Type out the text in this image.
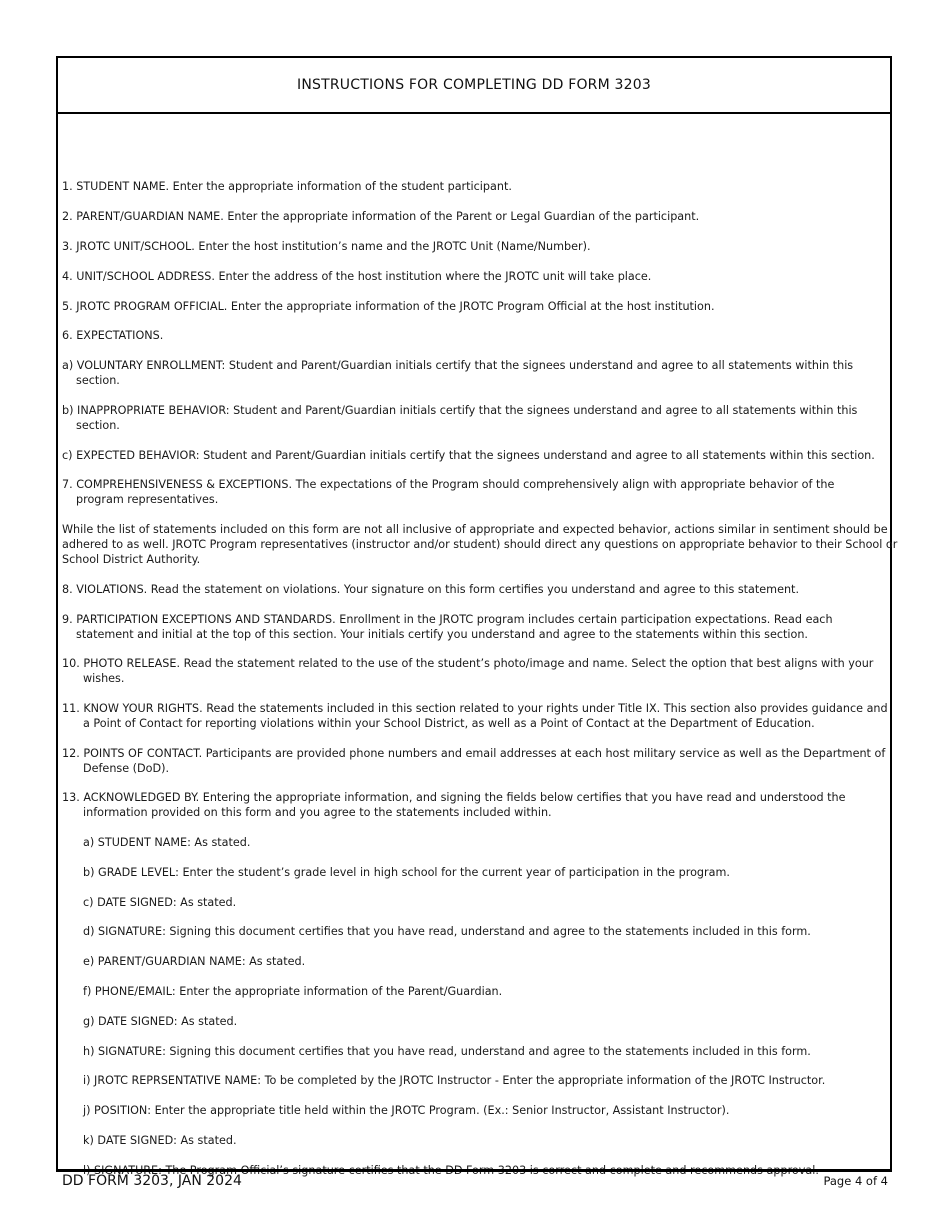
INSTRUCTIONS FOR COMPLETING DD FORM 3203
1. STUDENT NAME. Enter the appropriate information of the student participant.
2. PARENT/GUARDIAN NAME. Enter the appropriate information of the Parent or Legal Guardian of the participant.
3. JROTC UNIT/SCHOOL. Enter the host institution’s name and the JROTC Unit (Name/Number).
4. UNIT/SCHOOL ADDRESS. Enter the address of the host institution where the JROTC unit will take place.
5. JROTC PROGRAM OFFICIAL. Enter the appropriate information of the JROTC Program Official at the host institution.
6. EXPECTATIONS.
a) VOLUNTARY ENROLLMENT: Student and Parent/Guardian initials certify that the signees understand and agree to all statements within this
section.
b) INAPPROPRIATE BEHAVIOR: Student and Parent/Guardian initials certify that the signees understand and agree to all statements within this
section.
c) EXPECTED BEHAVIOR: Student and Parent/Guardian initials certify that the signees understand and agree to all statements within this section.
7. COMPREHENSIVENESS & EXCEPTIONS. The expectations of the Program should comprehensively align with appropriate behavior of the
program representatives.
While the list of statements included on this form are not all inclusive of appropriate and expected behavior, actions similar in sentiment should be
adhered to as well. JROTC Program representatives (instructor and/or student) should direct any questions on appropriate behavior to their School or
School District Authority.
8. VIOLATIONS. Read the statement on violations. Your signature on this form certifies you understand and agree to this statement.
9. PARTICIPATION EXCEPTIONS AND STANDARDS. Enrollment in the JROTC program includes certain participation expectations. Read each
statement and initial at the top of this section. Your initials certify you understand and agree to the statements within this section.
10. PHOTO RELEASE. Read the statement related to the use of the student’s photo/image and name. Select the option that best aligns with your
wishes.
11. KNOW YOUR RIGHTS. Read the statements included in this section related to your rights under Title IX. This section also provides guidance and
a Point of Contact for reporting violations within your School District, as well as a Point of Contact at the Department of Education.
12. POINTS OF CONTACT. Participants are provided phone numbers and email addresses at each host military service as well as the Department of
Defense (DoD).
13. ACKNOWLEDGED BY. Entering the appropriate information, and signing the fields below certifies that you have read and understood the
information provided on this form and you agree to the statements included within.
a) STUDENT NAME: As stated.
b) GRADE LEVEL: Enter the student’s grade level in high school for the current year of participation in the program.
c) DATE SIGNED: As stated.
d) SIGNATURE: Signing this document certifies that you have read, understand and agree to the statements included in this form.
e) PARENT/GUARDIAN NAME: As stated.
f) PHONE/EMAIL: Enter the appropriate information of the Parent/Guardian.
g) DATE SIGNED: As stated.
h) SIGNATURE: Signing this document certifies that you have read, understand and agree to the statements included in this form.
i) JROTC REPRSENTATIVE NAME: To be completed by the JROTC Instructor - Enter the appropriate information of the JROTC Instructor.
j) POSITION: Enter the appropriate title held within the JROTC Program. (Ex.: Senior Instructor, Assistant Instructor).
k) DATE SIGNED: As stated.
DD FORM 3203, JAN 2024	Page 4 of 4
